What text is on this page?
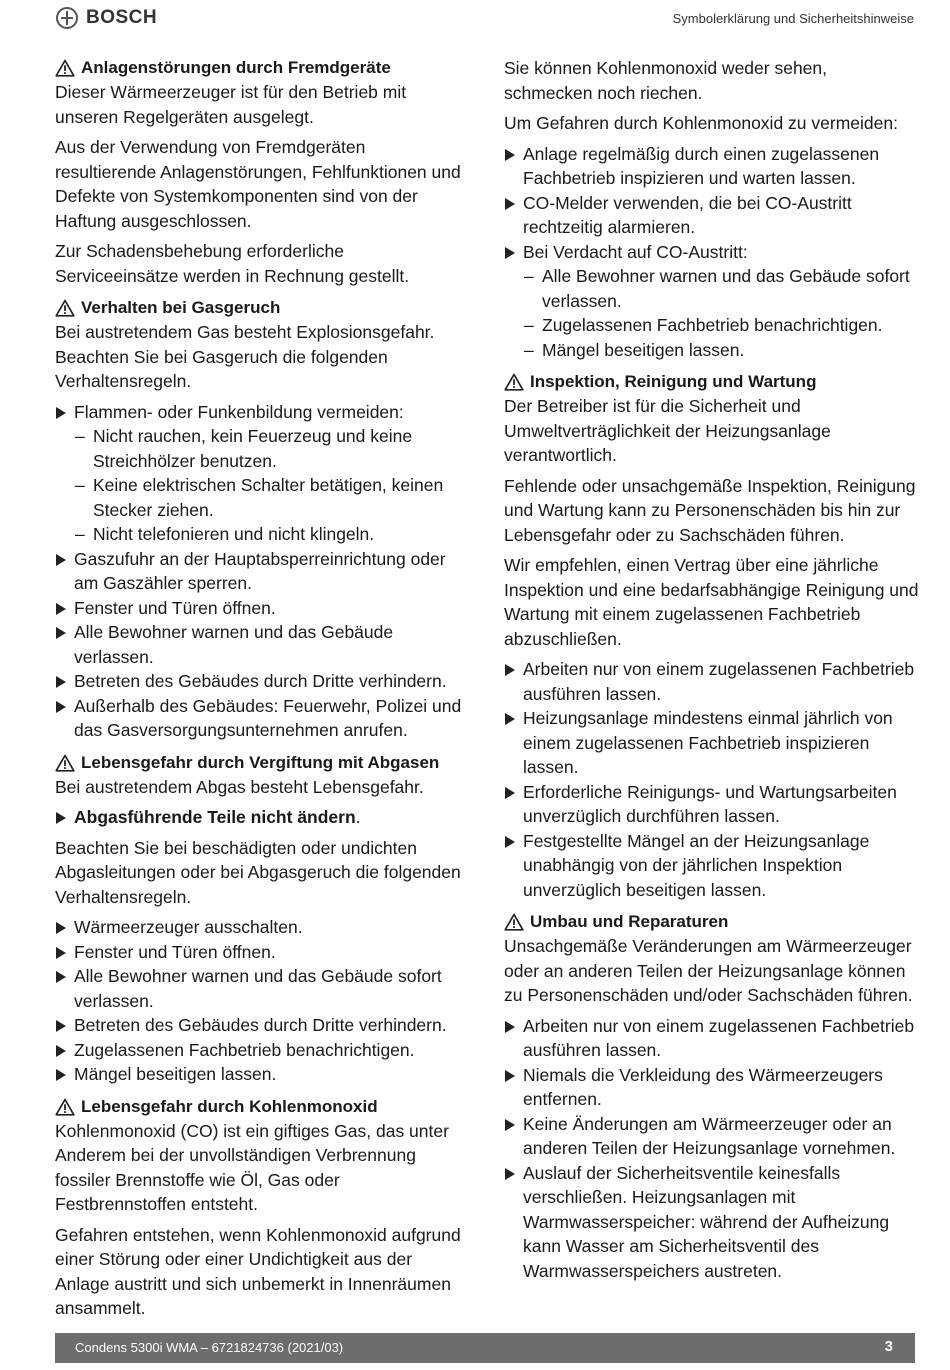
BOSCH	Symbolerklärung und Sicherheitshinweise
Anlagenstörungen durch Fremdgeräte

Dieser Wärmeerzeuger ist für den Betrieb mit unseren Regelgeräten ausgelegt.

Aus der Verwendung von Fremdgeräten resultierende Anlagenstörungen, Fehlfunktionen und Defekte von Systemkomponenten sind von der Haftung ausgeschlossen.

Zur Schadensbehebung erforderliche Serviceeinsätze werden in Rechnung gestellt.

Verhalten bei Gasgeruch

Bei austretendem Gas besteht Explosionsgefahr. Beachten Sie bei Gasgeruch die folgenden Verhaltensregeln.

Flammen- oder Funkenbildung vermeiden:
– Nicht rauchen, kein Feuerzeug und keine Streichhölzer benutzen.
– Keine elektrischen Schalter betätigen, keinen Stecker ziehen.
– Nicht telefonieren und nicht klingeln.
Gaszufuhr an der Hauptabsperreinrichtung oder am Gaszähler sperren.
Fenster und Türen öffnen.
Alle Bewohner warnen und das Gebäude verlassen.
Betreten des Gebäudes durch Dritte verhindern.
Außerhalb des Gebäudes: Feuerwehr, Polizei und das Gasversorgungsunternehmen anrufen.
Lebensgefahr durch Vergiftung mit Abgasen

Bei austretendem Abgas besteht Lebensgefahr.

Abgasführende Teile nicht ändern.

Beachten Sie bei beschädigten oder undichten Abgasleitungen oder bei Abgasgeruch die folgenden Verhaltensregeln.

Wärmeerzeuger ausschalten.
Fenster und Türen öffnen.
Alle Bewohner warnen und das Gebäude sofort verlassen.
Betreten des Gebäudes durch Dritte verhindern.
Zugelassenen Fachbetrieb benachrichtigen.
Mängel beseitigen lassen.
Lebensgefahr durch Kohlenmonoxid

Kohlenmonoxid (CO) ist ein giftiges Gas, das unter Anderem bei der unvollständigen Verbrennung fossiler Brennstoffe wie Öl, Gas oder Festbrennstoffen entsteht.

Gefahren entstehen, wenn Kohlenmonoxid aufgrund einer Störung oder einer Undichtigkeit aus der Anlage austritt und sich unbemerkt in Innenräumen ansammelt.

Sie können Kohlenmonoxid weder sehen, schmecken noch riechen.

Um Gefahren durch Kohlenmonoxid zu vermeiden:

Anlage regelmäßig durch einen zugelassenen Fachbetrieb inspizieren und warten lassen.
CO-Melder verwenden, die bei CO-Austritt rechtzeitig alarmieren.
Bei Verdacht auf CO-Austritt:
– Alle Bewohner warnen und das Gebäude sofort verlassen.
– Zugelassenen Fachbetrieb benachrichtigen.
– Mängel beseitigen lassen.
Inspektion, Reinigung und Wartung

Der Betreiber ist für die Sicherheit und Umweltverträglichkeit der Heizungsanlage verantwortlich.

Fehlende oder unsachgemäße Inspektion, Reinigung und Wartung kann zu Personenschäden bis hin zur Lebensgefahr oder zu Sachschäden führen.

Wir empfehlen, einen Vertrag über eine jährliche Inspektion und eine bedarfsabhängige Reinigung und Wartung mit einem zugelassenen Fachbetrieb abzuschließen.

Arbeiten nur von einem zugelassenen Fachbetrieb ausführen lassen.
Heizungsanlage mindestens einmal jährlich von einem zugelassenen Fachbetrieb inspizieren lassen.
Erforderliche Reinigungs- und Wartungsarbeiten unverzüglich durchführen lassen.
Festgestellte Mängel an der Heizungsanlage unabhängig von der jährlichen Inspektion unverzüglich beseitigen lassen.
Umbau und Reparaturen

Unsachgemäße Veränderungen am Wärmeerzeuger oder an anderen Teilen der Heizungsanlage können zu Personenschäden und/oder Sachschäden führen.

Arbeiten nur von einem zugelassenen Fachbetrieb ausführen lassen.
Niemals die Verkleidung des Wärmeerzeugers entfernen.
Keine Änderungen am Wärmeerzeuger oder an anderen Teilen der Heizungsanlage vornehmen.
Auslauf der Sicherheitsventile keinesfalls verschließen. Heizungsanlagen mit Warmwasserspeicher: während der Aufheizung kann Wasser am Sicherheitsventil des Warmwasserspeichers austreten.
Condens 5300i WMA – 6721824736 (2021/03)	3
